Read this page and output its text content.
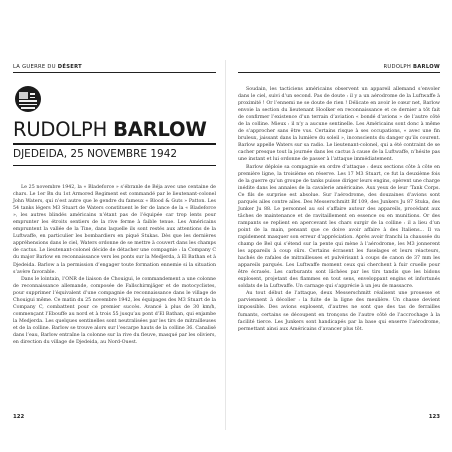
LA GUERRE DU DÉSERT
RUDOLPH BARLOW
DJEDEIDA, 25 NOVEMBRE 1942

Le 25 novembre 1942, la « Bladeforce » s’ébranle de Béja avec une centaine de chars. Le 1er Bn du 1st Armored Regiment est commandé par le lieutenant-colonel John Waters, qui n’est autre que le gendre du fameux « Blood & Guts » Patton. Les 54 tanks légers M3 Stuart de Waters constituent le fer de lance de la « Bladeforce », les autres blindés américains n’étant pas de l’équipée car trop lents pour emprunter les étroits sentiers de la rive ferme à faible tenue. Les Américains empruntent la vallée de la Tine, dans laquelle ils sont restés aux attentions de la Luftwaffe, en particulier les bombardiers en piqué Stukas. Dès que les dernières appréhensions dans le ciel, Waters ordonne de se mettre à couvert dans les champs de cactus. Le lieutenant-colonel décide de détacher une compagnie : la Company C du major Barlow en reconnaissance vers les ponts sur la Medjerda, à El Bathan et à Djedeida. Barlow a la permission d’engager toute formation ennemie si la situation s’avère favorable.

Dans le lointain, l’ONR de liaison de Chouigui, le commandement a une colonne de reconnaissance allemande, composée de Fallschirmjäger et de motocyclistes, pour supprimer l’équivalent d’une compagnie de reconnaissance dans le village de Chouigui même. Ce matin du 25 novembre 1942, les équipages des M3 Stuart de la Company C, combattent pour ce premier succès. Avancé à plus de 30 km/h, commençant l’Ebouffe au nord et à trois 55 jusqu’au pont d’El Bathan, qui enjambe la Medjerda. Les quelques sentinelles sont neutralisées par les tirs de mitrailleuses et de la colline. Barlow se trouve alors sur l’escarpe hauts de la colline 36. Canalisé dans l’eau, Barlow entraîne la colonne sur la rive du fleuve, masqué par les oliviers, en direction du village de Djedeida, au Nord-Ouest.

122
RUDOLPH BARLOW

Soudain, les tacticiens américains observent un appareil allemand s’envoler dans le ciel, suivi d’un second. Pas de doute : il y a un aérodrome de la Luftwaffe à proximité ! Or l’ennemi ne se doute de rien ! Délicate en avoir le cœur net, Barlow envoie la section du lieutenant Hoolker en reconnaissance et ce dernier a tôt fait de confirmer l’existence d’un terrain d’aviation « bondé d’avions » de l’autre côté de la colline. Mieux : il n’y a aucune sentinelle. Les Américains sont donc à même de s’approcher sans être vus. Certains risque à ses occupations, « avec une fin bruleux, jaissant dans la lumière du soleil », inconscients du danger qu’ils courent. Barlow appelle Waters sur sa radio. Le lieutenant-colonel, qui a été contraint de se cacher presque tout la journée dans les cactus à cause de la Luftwaffe, n’hésite pas une instant et lui ordonne de passer à l’attaque immédiatement.

Barlow déploie sa compagnie en ordre d’attaque : deux sections côte à côte en première ligne, la troisième en réserve. Les 17 M3 Stuart, ce fut la deuxième fois de la guerre qu’un groupe de tanks puisse diriger leurs engins, opèrent une charge inédite dans les annales de la cavalerie américaine. Aux yeux de leur ‘Tank Corps. Ce fils de surprise est absolue. Sur l’aérodrome, des douzaines d’avions sont parqués ailes contre ailes. Des Messerschmitt Bf 109, des Junkers Ju 87 Stuka, des Junker Ju 88. Le personnel au sol s’affaire autour des appareils, procédant aux tâches de maintenance et de ravitaillement en essence ou en munitions. Or des rampants se replient en apercevant les chars surgir de la colline : il a lieu d’un point de la main, pensant que ce doive avoir affaire à des Italiens... Il va rapidement masquer son erreur d’appréciation. Après avoir franchi la chaussée du champ de Bel qui s’étend sur la pente qui mène à l’aérodrome, les M3 jonnerent les appareils à coup sûrs. Certains écrasent les fuselages et leurs réacteurs, hachés de rafales de mitrailleuses et pulvérisant à coups de canon de 37 mm les appareils parqués. Les Luftwaffe moment ceux qui cherchent à fuir cruelle pour être écrasés. Les carburants sont lâchées par les tirs tandis que les bidons explosent, projetant des flammes en tout sens, enveloppant engins et infortunés soldats de la Luftwaffe. Un carnage qui s’apprécie à un jeu de massacre.

Au tout début de l’attaque, deux Messerschmitt réalisent une prouesse et parviennent à décoller : la fuite de la ligne des meulière. Un chasse devient impossible. Des avions explosent, d’autres ne sont que des tas de ferrailles fumants, certains se découpent en tronçons de l’autre côté de l’accrochage à la facilité tierce. Les Junkers sont handicapés par la base qui enserre l’aérodrome, permettant ainsi aux Américains d’avancer plus tôt.

123
